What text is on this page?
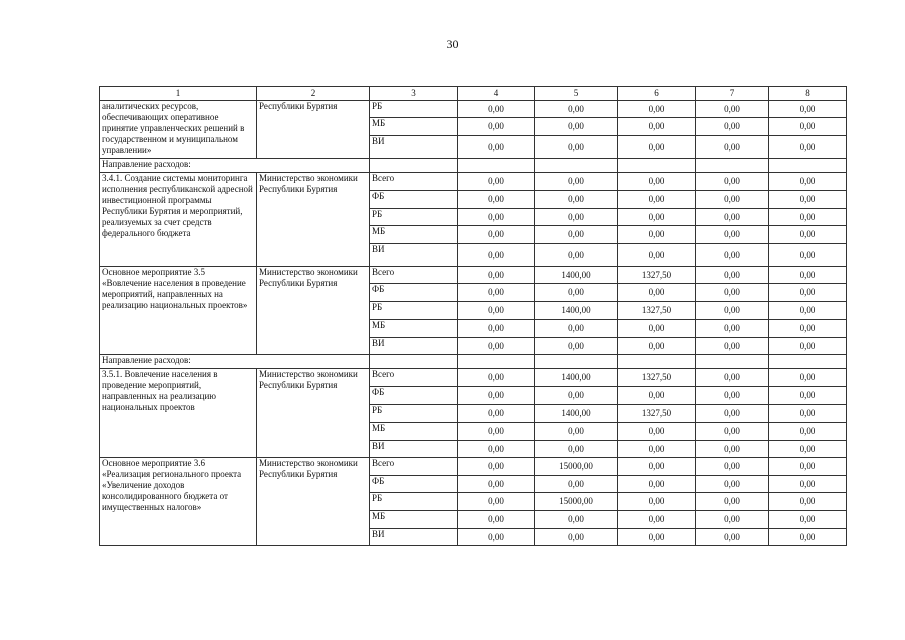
30
1	2	3	4	5	6	7	8
аналитических ресурсов, обеспечивающих оперативное принятие управленческих решений в государственном и муниципальном управлении»	Республики Бурятия	РБ	0,00	0,00	0,00	0,00	0,00
		МБ	0,00	0,00	0,00	0,00	0,00
		ВИ	0,00	0,00	0,00	0,00	0,00
Направление расходов:							
3.4.1. Создание системы мониторинга исполнения республиканской адресной инвестиционной программы Республики Бурятия и мероприятий, реализуемых за счет средств федерального бюджета	Министерство экономики Республики Бурятия	Всего	0,00	0,00	0,00	0,00	0,00
		ФБ	0,00	0,00	0,00	0,00	0,00
		РБ	0,00	0,00	0,00	0,00	0,00
		МБ	0,00	0,00	0,00	0,00	0,00
		ВИ	0,00	0,00	0,00	0,00	0,00
Основное мероприятие 3.5 «Вовлечение населения в проведение мероприятий, направленных на реализацию национальных проектов»	Министерство экономики Республики Бурятия	Всего	0,00	1400,00	1327,50	0,00	0,00
		ФБ	0,00	0,00	0,00	0,00	0,00
		РБ	0,00	1400,00	1327,50	0,00	0,00
		МБ	0,00	0,00	0,00	0,00	0,00
		ВИ	0,00	0,00	0,00	0,00	0,00
Направление расходов:							
3.5.1. Вовлечение населения в проведение мероприятий, направленных на реализацию национальных проектов	Министерство экономики Республики Бурятия	Всего	0,00	1400,00	1327,50	0,00	0,00
		ФБ	0,00	0,00	0,00	0,00	0,00
		РБ	0,00	1400,00	1327,50	0,00	0,00
		МБ	0,00	0,00	0,00	0,00	0,00
		ВИ	0,00	0,00	0,00	0,00	0,00
Основное мероприятие 3.6 «Реализация регионального проекта «Увеличение доходов консолидированного бюджета от имущественных налогов»	Министерство экономики Республики Бурятия	Всего	0,00	15000,00	0,00	0,00	0,00
		ФБ	0,00	0,00	0,00	0,00	0,00
		РБ	0,00	15000,00	0,00	0,00	0,00
		МБ	0,00	0,00	0,00	0,00	0,00
		ВИ	0,00	0,00	0,00	0,00	0,00
